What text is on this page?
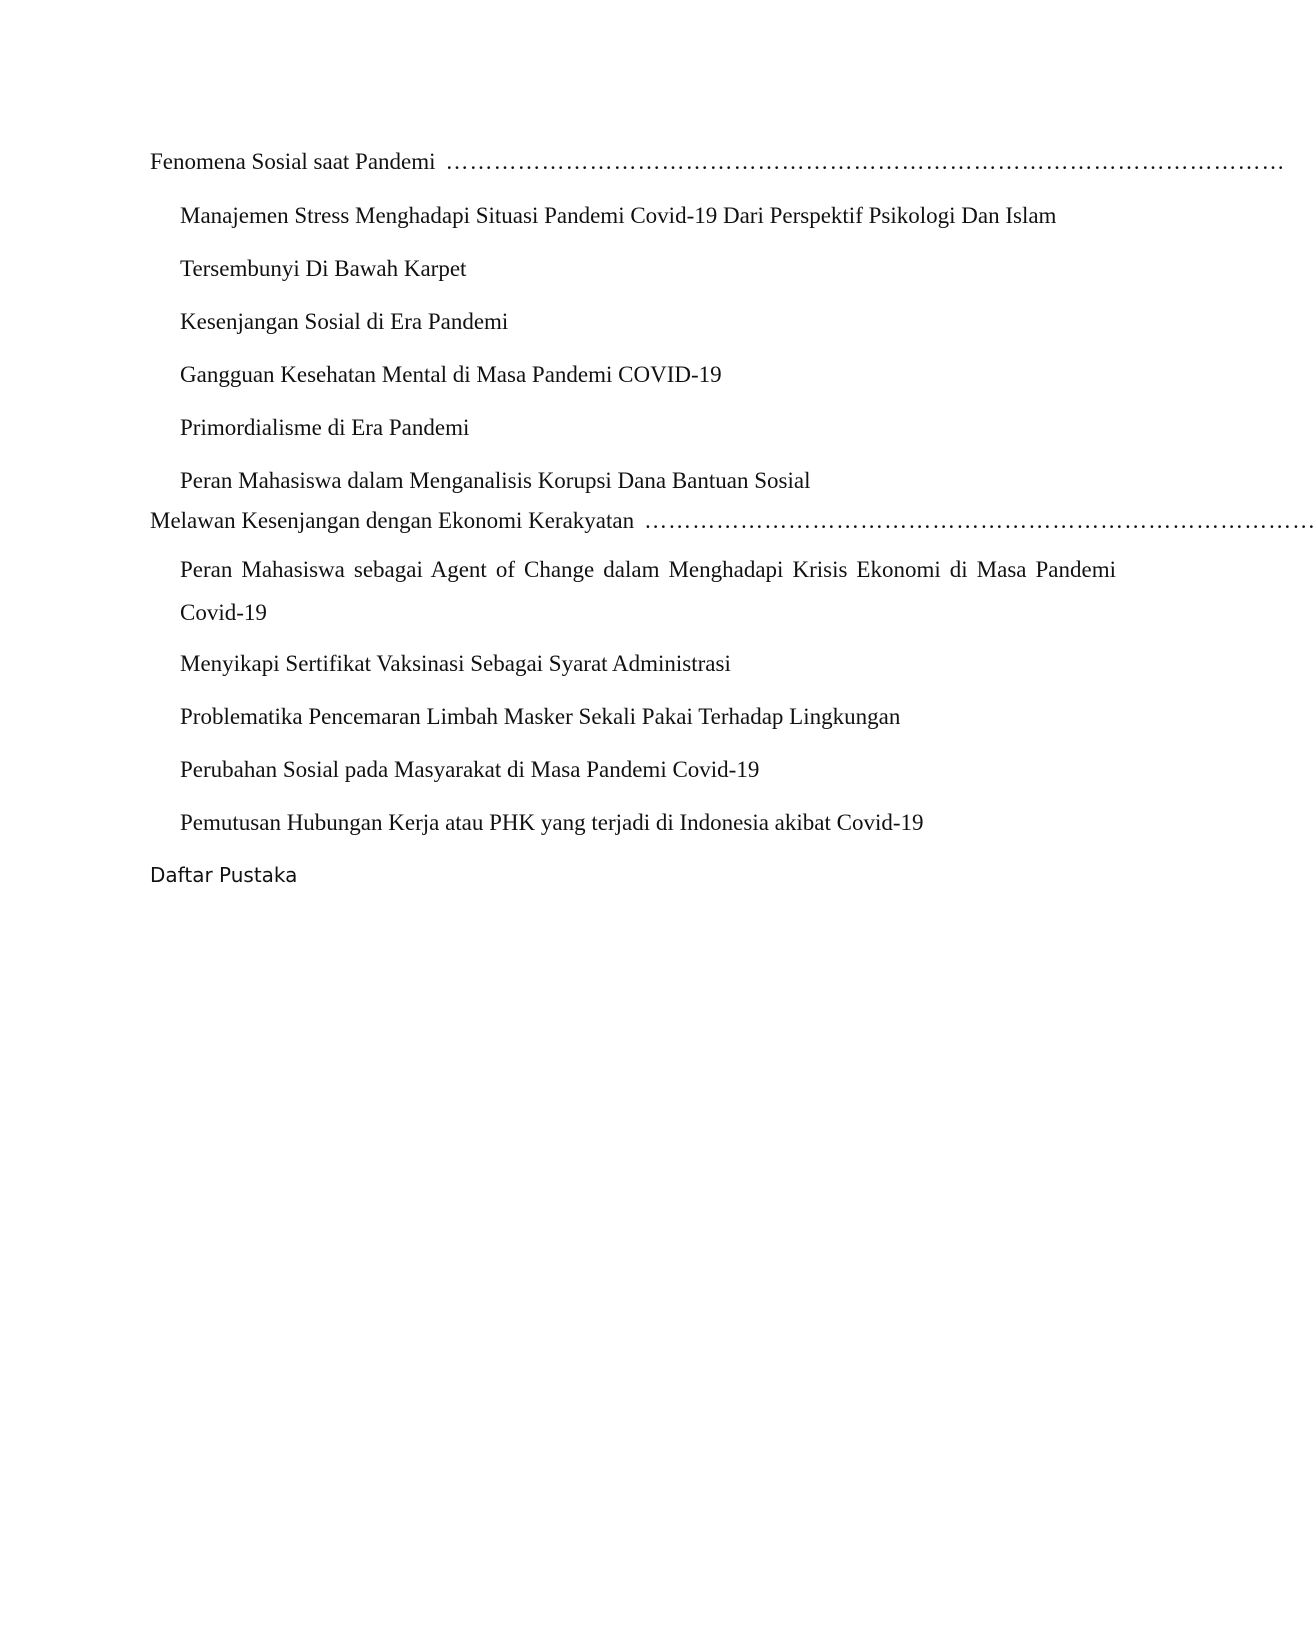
Fenomena Sosial saat Pandemi ……………………………………………………………………………………………
Manajemen Stress Menghadapi Situasi Pandemi Covid-19 Dari Perspektif Psikologi Dan Islam
Tersembunyi Di Bawah Karpet
Kesenjangan Sosial di Era Pandemi
Gangguan Kesehatan Mental di Masa Pandemi COVID-19
Primordialisme di Era Pandemi
Peran Mahasiswa dalam Menganalisis Korupsi Dana Bantuan Sosial
Melawan Kesenjangan dengan Ekonomi Kerakyatan …………………………………………………………………………
Peran Mahasiswa sebagai Agent of Change dalam Menghadapi Krisis Ekonomi di Masa Pandemi Covid-19
Menyikapi Sertifikat Vaksinasi Sebagai Syarat Administrasi
Problematika Pencemaran Limbah Masker Sekali Pakai Terhadap Lingkungan
Perubahan Sosial pada Masyarakat di Masa Pandemi Covid-19
Pemutusan Hubungan Kerja atau PHK yang terjadi di Indonesia akibat Covid-19
Daftar Pustaka
